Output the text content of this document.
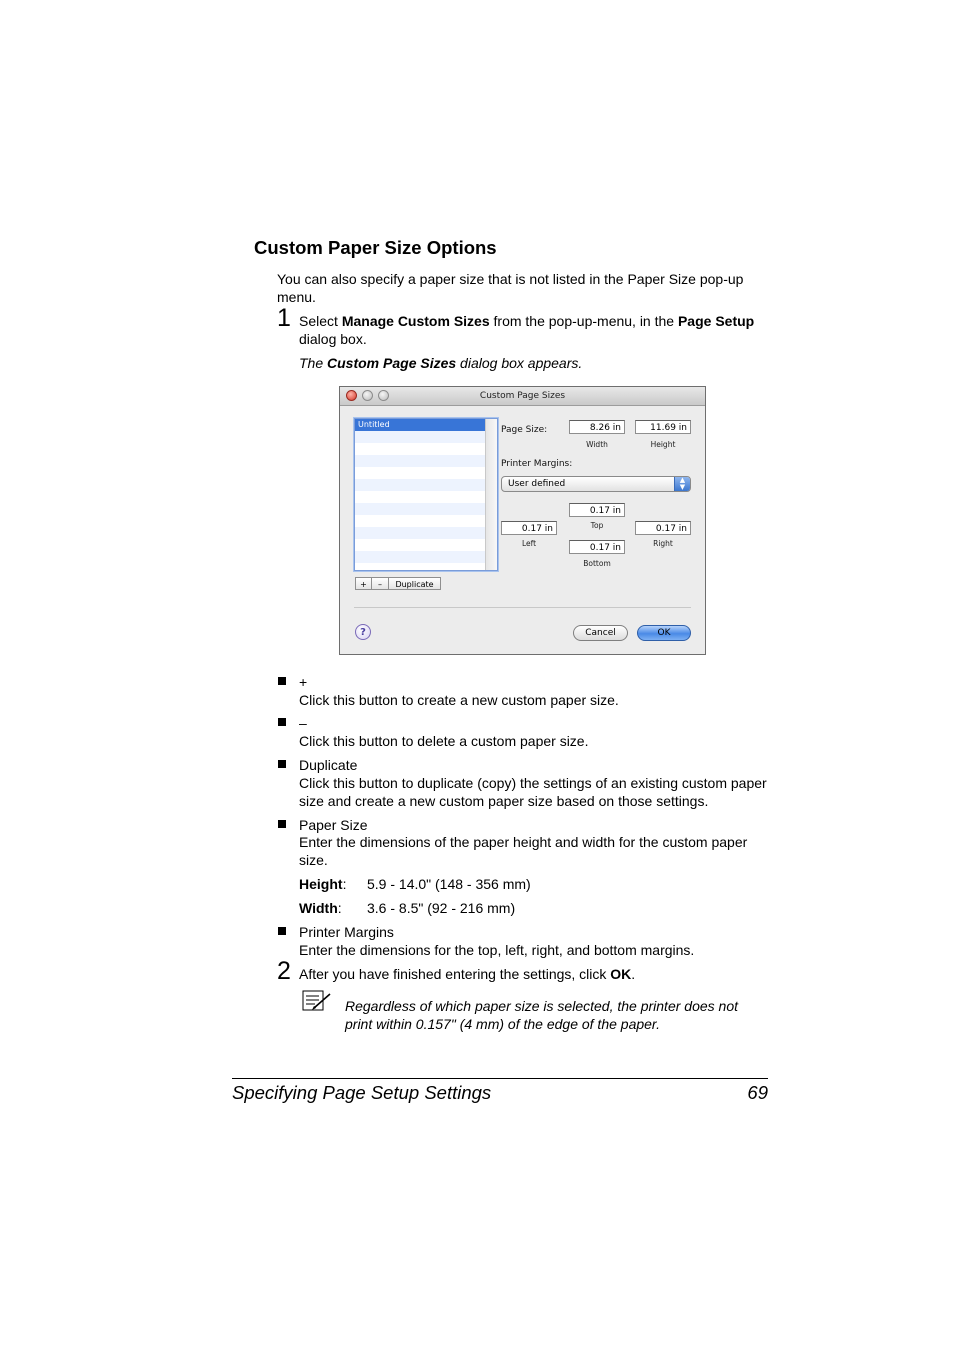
Custom Paper Size Options
You can also specify a paper size that is not listed in the Paper Size pop-up menu.
1 Select Manage Custom Sizes from the pop-up-menu, in the Page Setup dialog box.
The Custom Page Sizes dialog box appears.
Custom Page Sizes
Untitled
Page Size:	8.26 in
Width
11.69 in
Height
Printer Margins:
User defined	▲
▼
0.17 in
Top
0.17 in
Left
0.17 in
Right
0.17 in
Bottom
+	–	Duplicate
?	Cancel	OK
+
Click this button to create a new custom paper size.
–
Click this button to delete a custom paper size.
Duplicate
Click this button to duplicate (copy) the settings of an existing custom paper size and create a new custom paper size based on those settings.
Paper Size
Enter the dimensions of the paper height and width for the custom paper size.
Height: 5.9 - 14.0" (148 - 356 mm)
Width: 3.6 - 8.5" (92 - 216 mm)
Printer Margins
Enter the dimensions for the top, left, right, and bottom margins.
2 After you have finished entering the settings, click OK.
Regardless of which paper size is selected, the printer does not print within 0.157" (4 mm) of the edge of the paper.
Specifying Page Setup Settings	69
